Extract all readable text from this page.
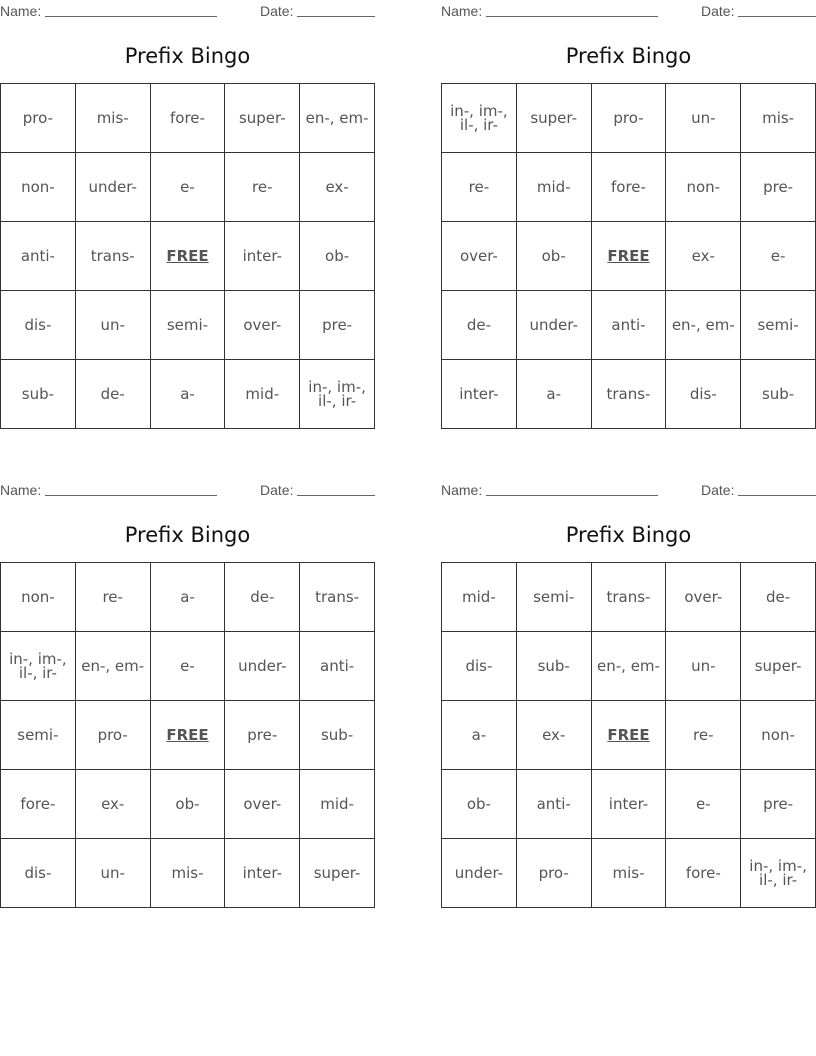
Name:	Date:
Prefix Bingo
pro-	mis-	fore-	super-	en-, em-
non-	under-	e-	re-	ex-
anti-	trans-	FREE	inter-	ob-
dis-	un-	semi-	over-	pre-
sub-	de-	a-	mid-	in-, im-, il-, ir-
Name:	Date:
Prefix Bingo
in-, im-, il-, ir-	super-	pro-	un-	mis-
re-	mid-	fore-	non-	pre-
over-	ob-	FREE	ex-	e-
de-	under-	anti-	en-, em-	semi-
inter-	a-	trans-	dis-	sub-
Name:	Date:
Prefix Bingo
non-	re-	a-	de-	trans-
in-, im-, il-, ir-	en-, em-	e-	under-	anti-
semi-	pro-	FREE	pre-	sub-
fore-	ex-	ob-	over-	mid-
dis-	un-	mis-	inter-	super-
Name:	Date:
Prefix Bingo
mid-	semi-	trans-	over-	de-
dis-	sub-	en-, em-	un-	super-
a-	ex-	FREE	re-	non-
ob-	anti-	inter-	e-	pre-
under-	pro-	mis-	fore-	in-, im-, il-, ir-
